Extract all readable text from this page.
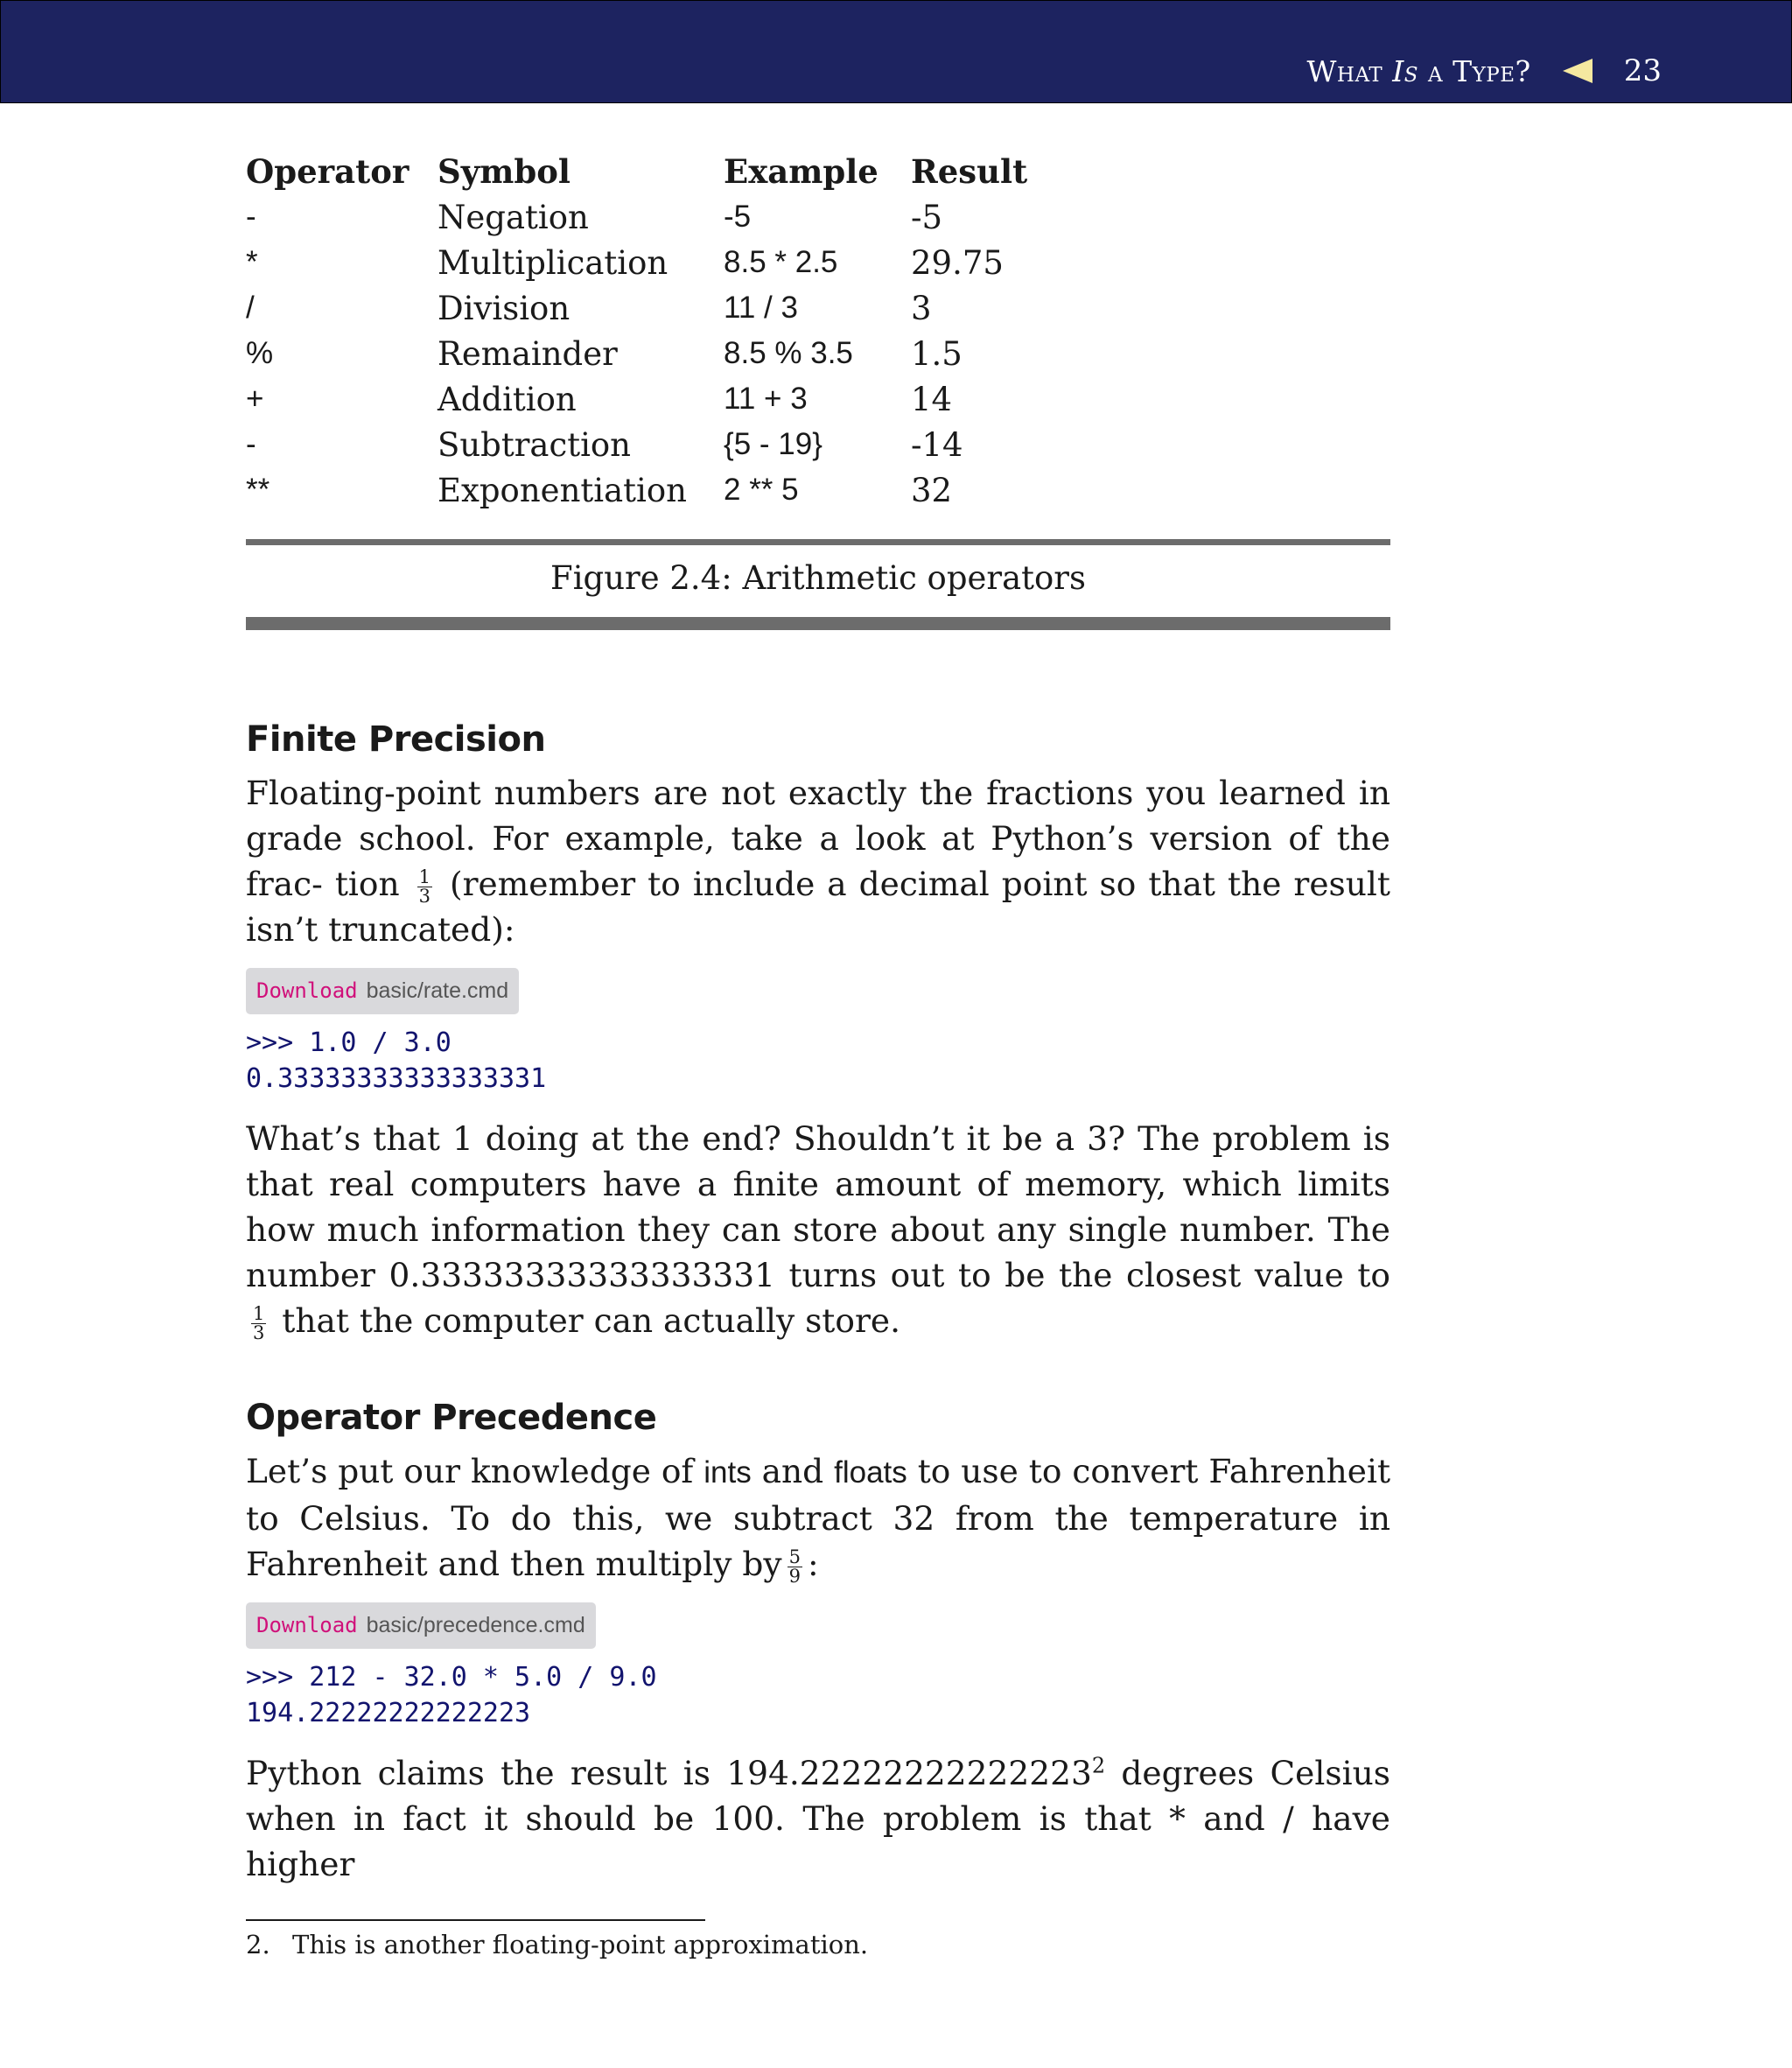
What Is a Type?	23
Operator	Symbol	Example	Result
-	Negation	-5	-5
*	Multiplication	8.5 * 2.5	29.75
/	Division	11 / 3	3
%	Remainder	8.5 % 3.5	1.5
+	Addition	11 + 3	14
-	Subtraction	{5 - 19}	-14
**	Exponentiation	2 ** 5	32
Figure 2.4: Arithmetic operators
Finite Precision

Floating-point numbers are not exactly the fractions you learned in grade school. For example, take a look at Python’s version of the frac- tion $\frac{1}{3}$ (remember to include a decimal point so that the result isn’t truncated):

Download basic/rate.cmd
>>> 1.0 / 3.0
0.33333333333333331

What’s that 1 doing at the end? Shouldn’t it be a 3? The problem is that real computers have a finite amount of memory, which limits how much information they can store about any single number. The number 0.33333333333333331 turns out to be the closest value to
$\frac{1}{3}$ that the computer can actually store.

Operator Precedence

Let’s put our knowledge of ints and floats to use to convert Fahrenheit to Celsius. To do this, we subtract 32 from the temperature in Fahrenheit and then multiply by $\frac{5}{9}$ :

Download basic/precedence.cmd
>>> 212 - 32.0 * 5.0 / 9.0
194.22222222222223

Python claims the result is 194.22222222222223$^2$ degrees Celsius when in fact it should be 100. The problem is that * and / have higher

2. This is another floating-point approximation.
